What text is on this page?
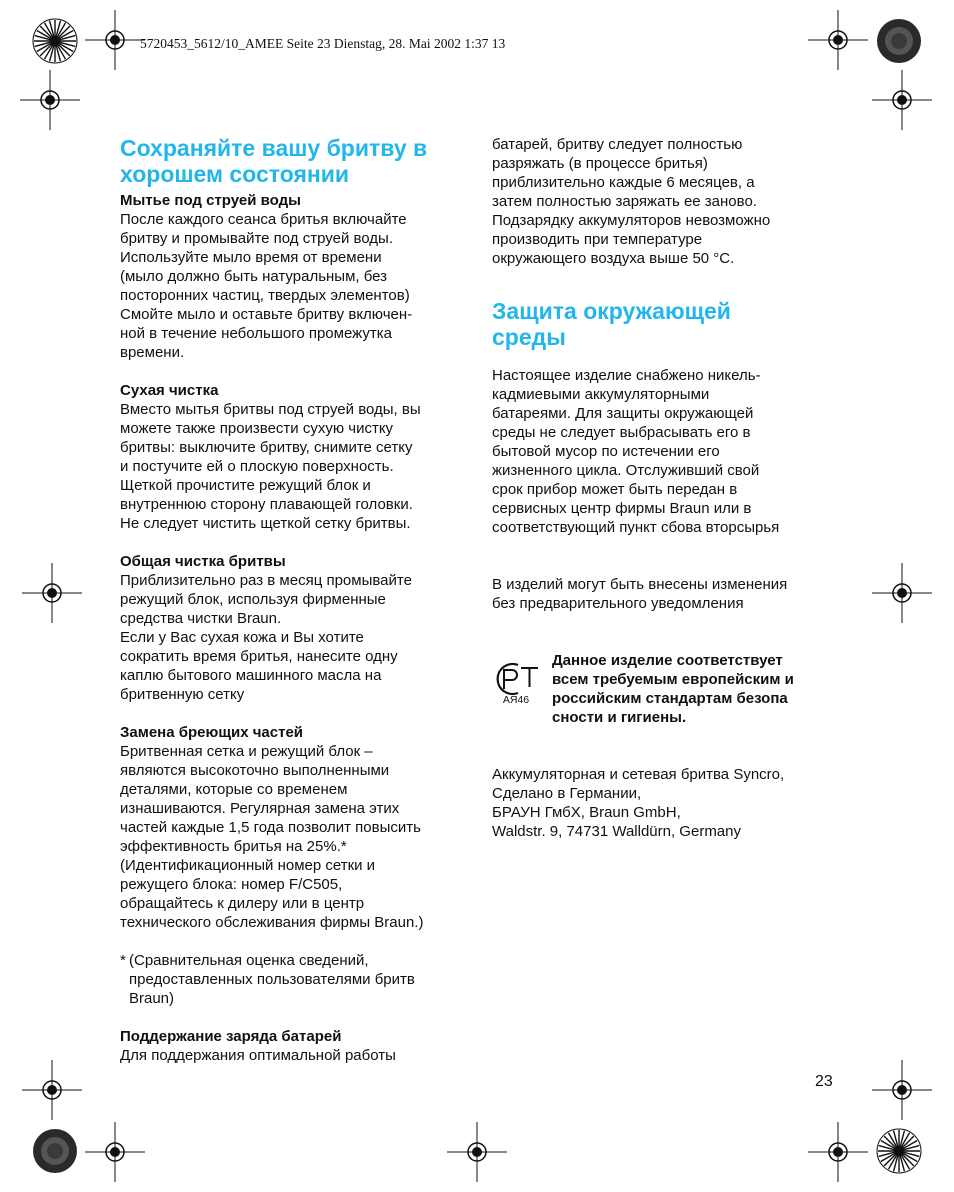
5720453_5612/10_AMEE Seite 23 Dienstag, 28. Mai 2002 1:37 13
Сохраняйте вашу бритву в
хорошем состоянии

Мытье под струей воды

После каждого сеанса бритья включайте
бритву и промывайте под струей воды.
Используйте мыло время от времени
(мыло должно быть натуральным, без
посторонних частиц, твердых элементов)
Смойте мыло и оставьте бритву включен-
ной в течение небольшого промежутка
времени.

Сухая чистка

Вместо мытья бритвы под струей воды, вы
можете также произвести сухую чистку
бритвы: выключите бритву, снимите сетку
и постучите ей о плоскую поверхность.
Щеткой прочистите режущий блок и
внутреннюю сторону плавающей головки.
Не следует чистить щеткой сетку бритвы.

Общая чистка бритвы

Приблизительно раз в месяц промывайте
режущий блок, используя фирменные
средства чистки Braun.
Если у Вас сухая кожа и Вы хотите
сократить время бритья, нанесите одну
каплю бытового машинного масла на
бритвенную сетку

Замена бреющих частей

Бритвенная сетка и режущий блок –
являются высокоточно выполненными
деталями, которые со временем
изнашиваются. Регулярная замена этих
частей каждые 1,5 года позволит повысить
эффективность бритья на 25%.*
(Идентификационный номер сетки и
режущего блока: номер F/C505,
обращайтесь к дилеру или в центр
технического обслеживания фирмы Braun.)

* (Сравнительная оценка сведений,
предоставленных пользователями бритв
Braun)

Поддержание заряда батарей

Для поддержания оптимальной работы

батарей, бритву следует полностью
разряжать (в процессе бритья)
приблизительно каждые 6 месяцев, а
затем полностью заряжать ее заново.
Подзарядку аккумуляторов невозможно
производить при температуре
окружающего воздуха выше 50 °C.

Защита окружающей
среды

Настоящее изделие снабжено никель-
кадмиевыми аккумуляторными
батареями. Для защиты окружающей
среды не следует выбрасывать его в
бытовой мусор по истечении его
жизненного цикла. Отслуживший свой
срок прибор может быть передан в
сервисных центр фирмы Braun или в
соответствующий пункт сбова вторсырья

В изделий могут быть внесены изменения
без предварительного уведомления

АЯ46

Данное изделие соответствует
всем требуемым европейским и
российским стандартам безопа
сности и гигиены.

Аккумуляторная и сетевая бритва Syncro,
Сделано в Германии,
БРАУН ГмбХ, Braun GmbH,
Waldstr. 9, 74731 Walldürn, Germany

23
